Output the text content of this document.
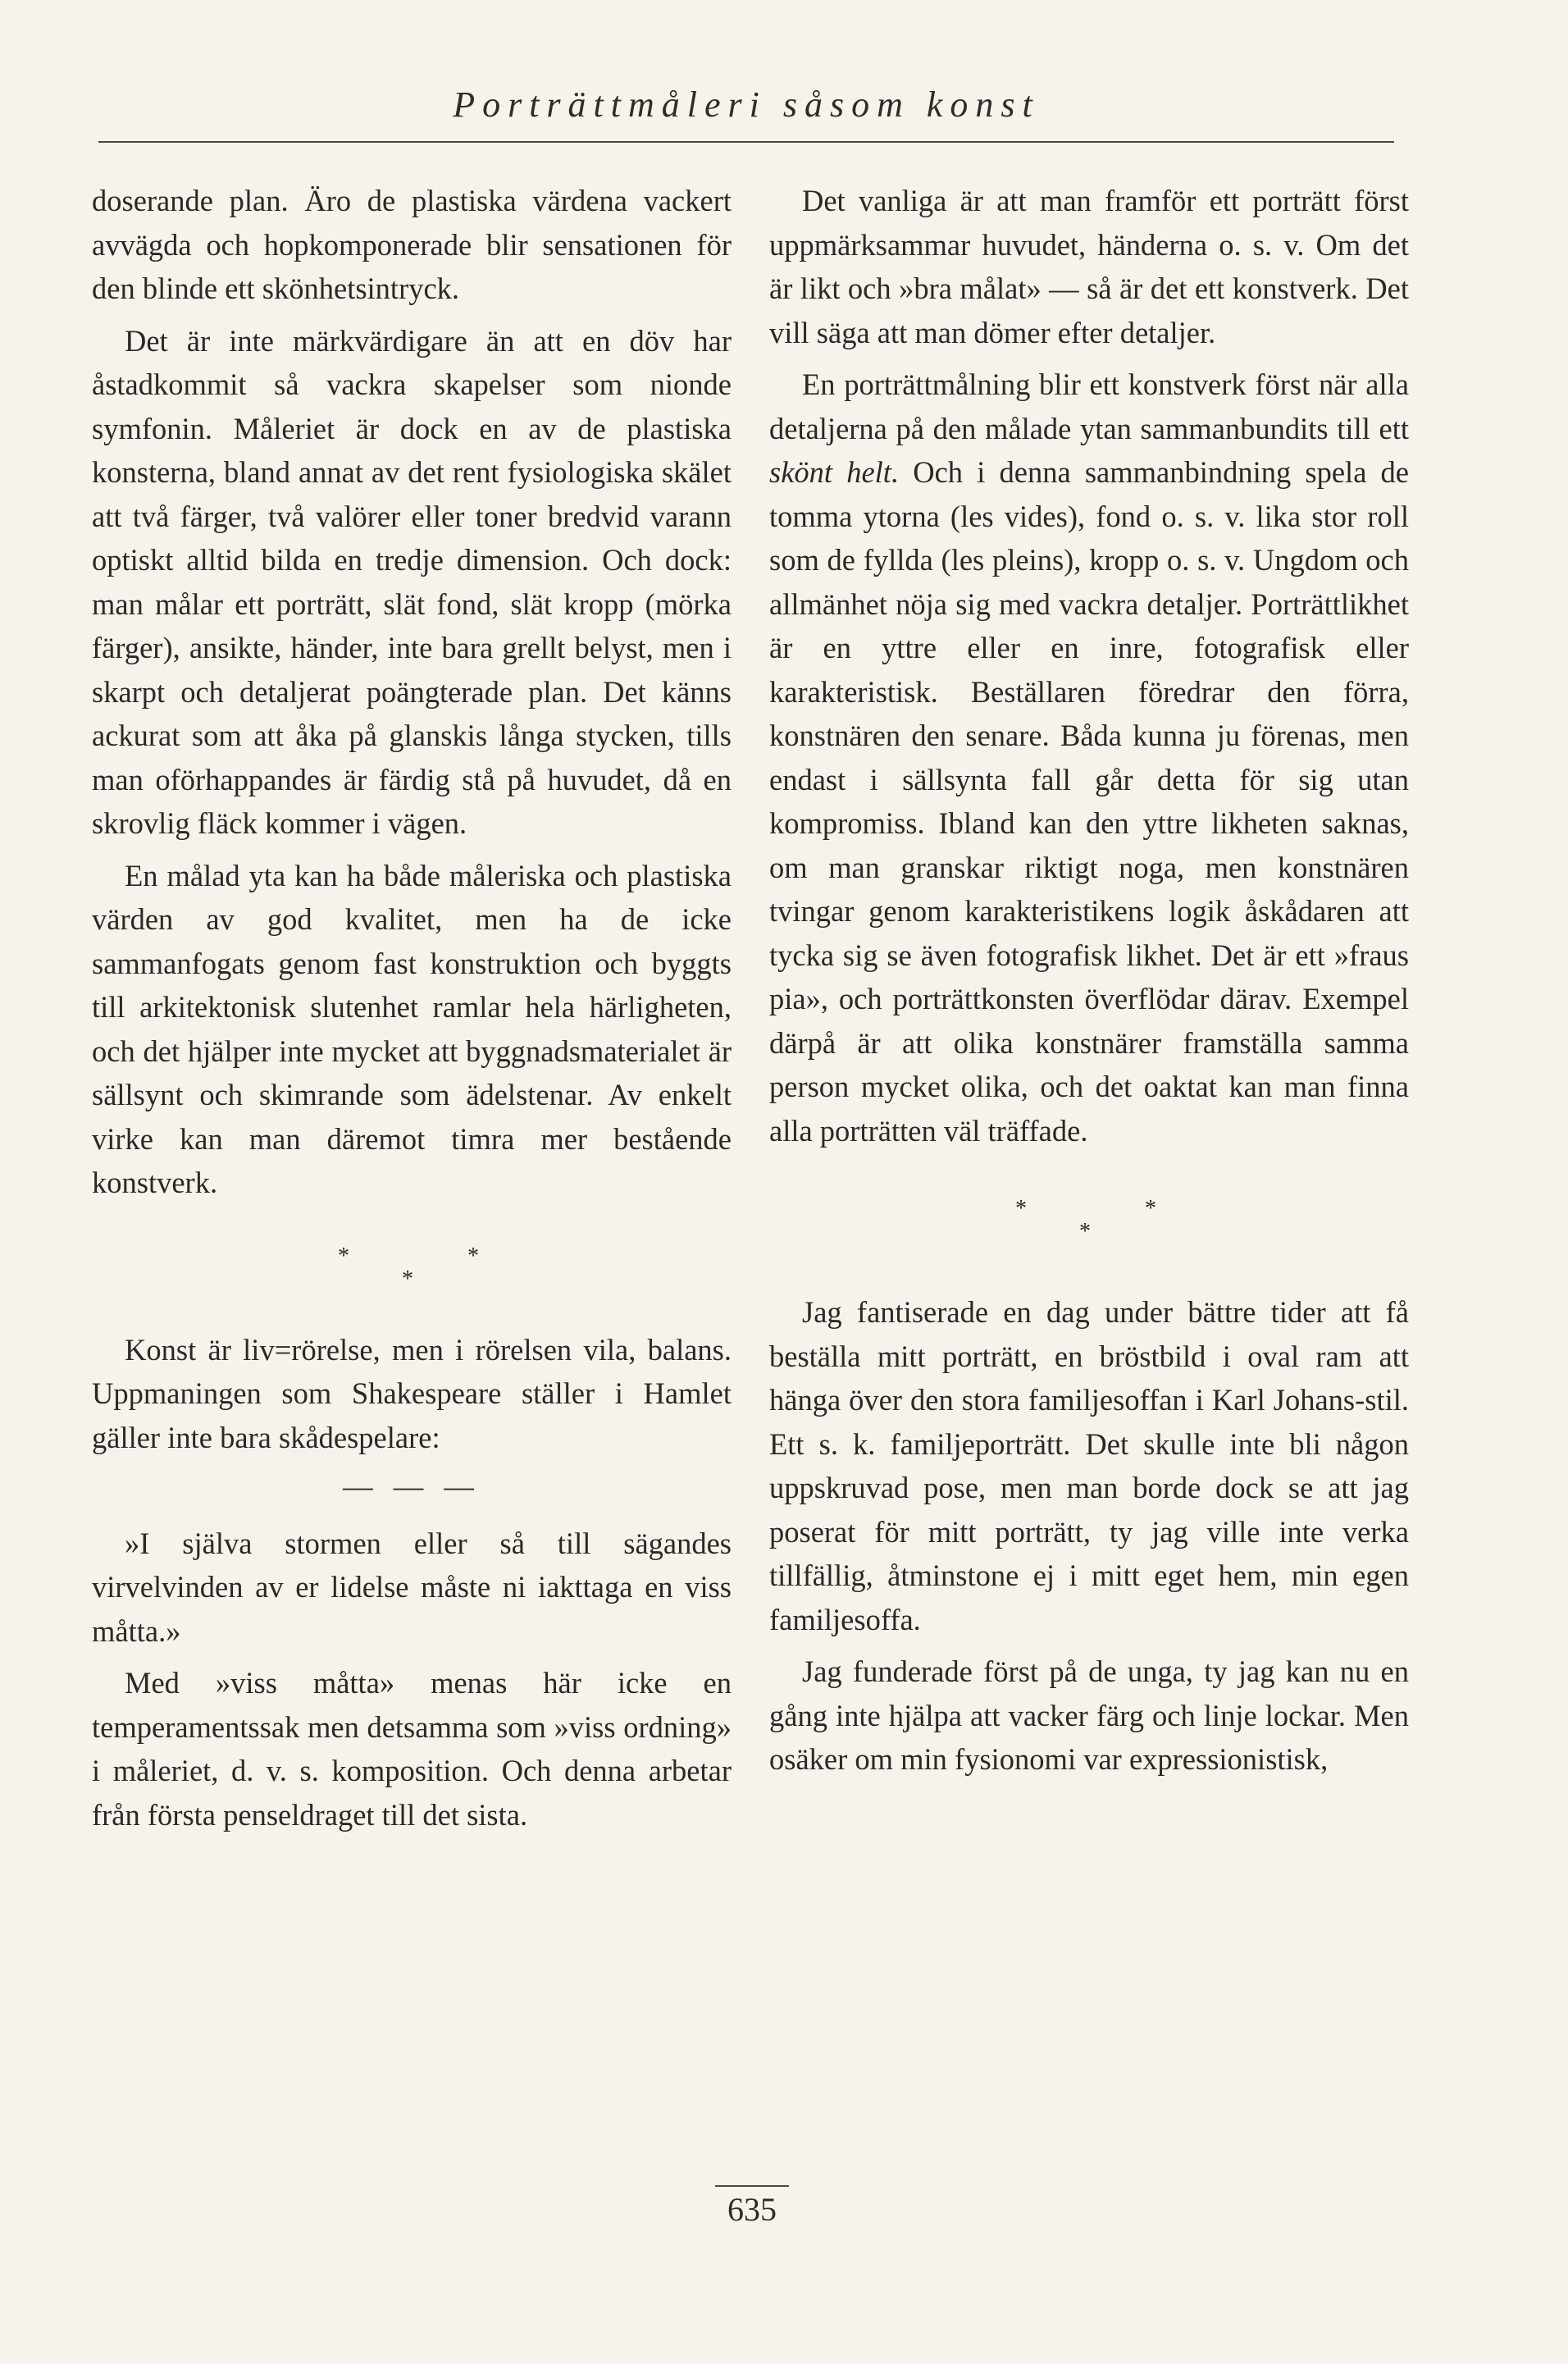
Porträttmåleri såsom konst

doserande plan. Äro de plastiska värdena vackert avvägda och hopkomponerade blir sensationen för den blinde ett skönhetsintryck.

Det är inte märkvärdigare än att en döv har åstadkommit så vackra skapelser som nionde symfonin. Måleriet är dock en av de plastiska konsterna, bland annat av det rent fysiologiska skälet att två färger, två valörer eller toner bredvid varann optiskt alltid bilda en tredje dimension. Och dock: man målar ett porträtt, slät fond, slät kropp (mörka färger), ansikte, händer, inte bara grellt belyst, men i skarpt och detaljerat poängterade plan. Det känns ackurat som att åka på glanskis långa stycken, tills man oförhappandes är färdig stå på huvudet, då en skrovlig fläck kommer i vägen.

En målad yta kan ha både måleriska och plastiska värden av god kvalitet, men ha de icke sammanfogats genom fast konstruktion och byggts till arkitektonisk slutenhet ramlar hela härligheten, och det hjälper inte mycket att byggnadsmaterialet är sällsynt och skimrande som ädelstenar. Av enkelt virke kan man däremot timra mer bestående konstverk.

*
*
*

Konst är liv=rörelse, men i rörelsen vila, balans. Uppmaningen som Shakespeare ställer i Hamlet gäller inte bara skådespelare:

— — —

»I själva stormen eller så till sägandes virvelvinden av er lidelse måste ni iakttaga en viss måtta.»

Med »viss måtta» menas här icke en temperamentssak men detsamma som »viss ordning» i måleriet, d. v. s. komposition. Och denna arbetar från första penseldraget till det sista.

Det vanliga är att man framför ett porträtt först uppmärksammar huvudet, händerna o. s. v. Om det är likt och »bra målat» — så är det ett konstverk. Det vill säga att man dömer efter detaljer.

En porträttmålning blir ett konstverk först när alla detaljerna på den målade ytan sammanbundits till ett skönt helt. Och i denna sammanbindning spela de tomma ytorna (les vides), fond o. s. v. lika stor roll som de fyllda (les pleins), kropp o. s. v. Ungdom och allmänhet nöja sig med vackra detaljer. Porträttlikhet är en yttre eller en inre, fotografisk eller karakteristisk. Beställaren föredrar den förra, konstnären den senare. Båda kunna ju förenas, men endast i sällsynta fall går detta för sig utan kompromiss. Ibland kan den yttre likheten saknas, om man granskar riktigt noga, men konstnären tvingar genom karakteristikens logik åskådaren att tycka sig se även fotografisk likhet. Det är ett »fraus pia», och porträttkonsten överflödar därav. Exempel därpå är att olika konstnärer framställa samma person mycket olika, och det oaktat kan man finna alla porträtten väl träffade.

*
*
*

Jag fantiserade en dag under bättre tider att få beställa mitt porträtt, en bröstbild i oval ram att hänga över den stora familjesoffan i Karl Johans-stil. Ett s. k. familjeporträtt. Det skulle inte bli någon uppskruvad pose, men man borde dock se att jag poserat för mitt porträtt, ty jag ville inte verka tillfällig, åtminstone ej i mitt eget hem, min egen familjesoffa.

Jag funderade först på de unga, ty jag kan nu en gång inte hjälpa att vacker färg och linje lockar. Men osäker om min fysionomi var expressionistisk,

635
